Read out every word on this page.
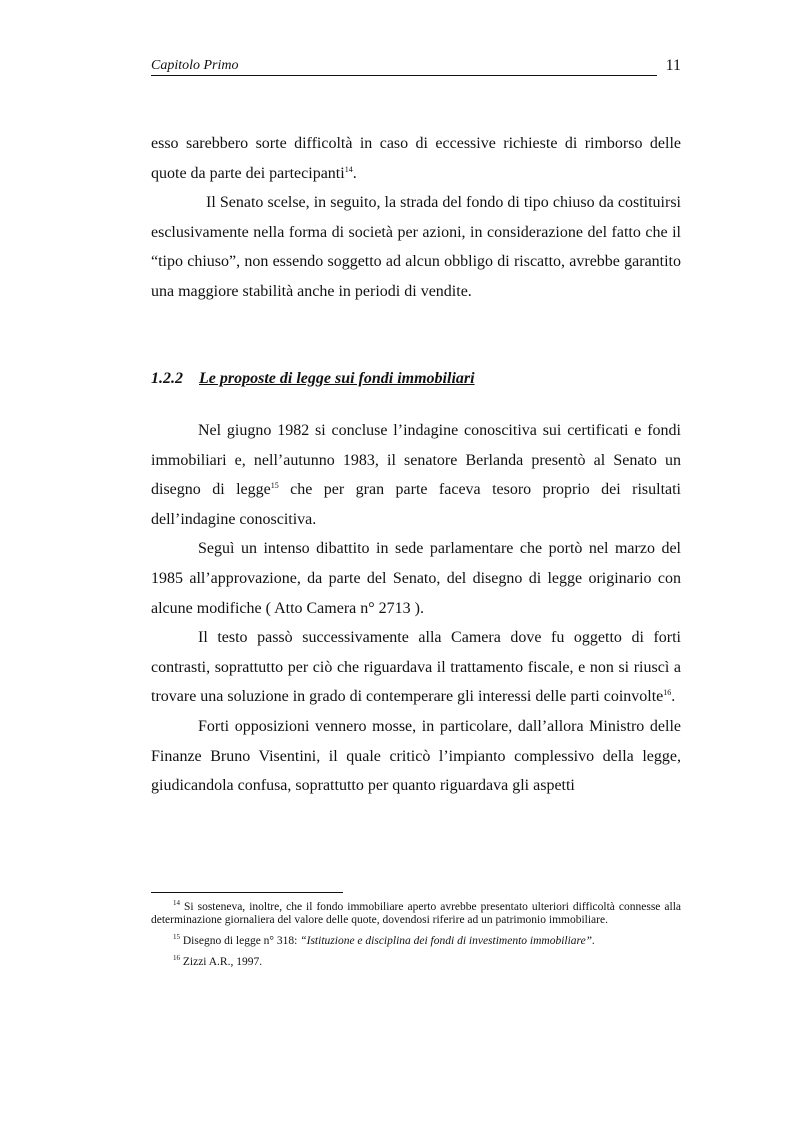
Capitolo Primo	11

esso sarebbero sorte difficoltà in caso di eccessive richieste di rimborso delle quote da parte dei partecipanti$^{14}$.

Il Senato scelse, in seguito, la strada del fondo di tipo chiuso da costituirsi esclusivamente nella forma di società per azioni, in considerazione del fatto che il “tipo chiuso”, non essendo soggetto ad alcun obbligo di riscatto, avrebbe garantito una maggiore stabilità anche in periodi di vendite.

1.2.2 Le proposte di legge sui fondi immobiliari

Nel giugno 1982 si concluse l’indagine conoscitiva sui certificati e fondi immobiliari e, nell’autunno 1983, il senatore Berlanda presentò al Senato un disegno di legge$^{15}$ che per gran parte faceva tesoro proprio dei risultati dell’indagine conoscitiva.

Seguì un intenso dibattito in sede parlamentare che portò nel marzo del 1985 all’approvazione, da parte del Senato, del disegno di legge originario con alcune modifiche ( Atto Camera n° 2713 ).

Il testo passò successivamente alla Camera dove fu oggetto di forti contrasti, soprattutto per ciò che riguardava il trattamento fiscale, e non si riuscì a trovare una soluzione in grado di contemperare gli interessi delle parti coinvolte$^{16}$.

Forti opposizioni vennero mosse, in particolare, dall’allora Ministro delle Finanze Bruno Visentini, il quale criticò l’impianto complessivo della legge, giudicandola confusa, soprattutto per quanto riguardava gli aspetti

$^{14}$ Si sosteneva, inoltre, che il fondo immobiliare aperto avrebbe presentato ulteriori difficoltà connesse alla determinazione giornaliera del valore delle quote, dovendosi riferire ad un patrimonio immobiliare.

$^{15}$ Disegno di legge n° 318: “Istituzione e disciplina dei fondi di investimento immobiliare”.

$^{16}$ Zizzi A.R., 1997.
